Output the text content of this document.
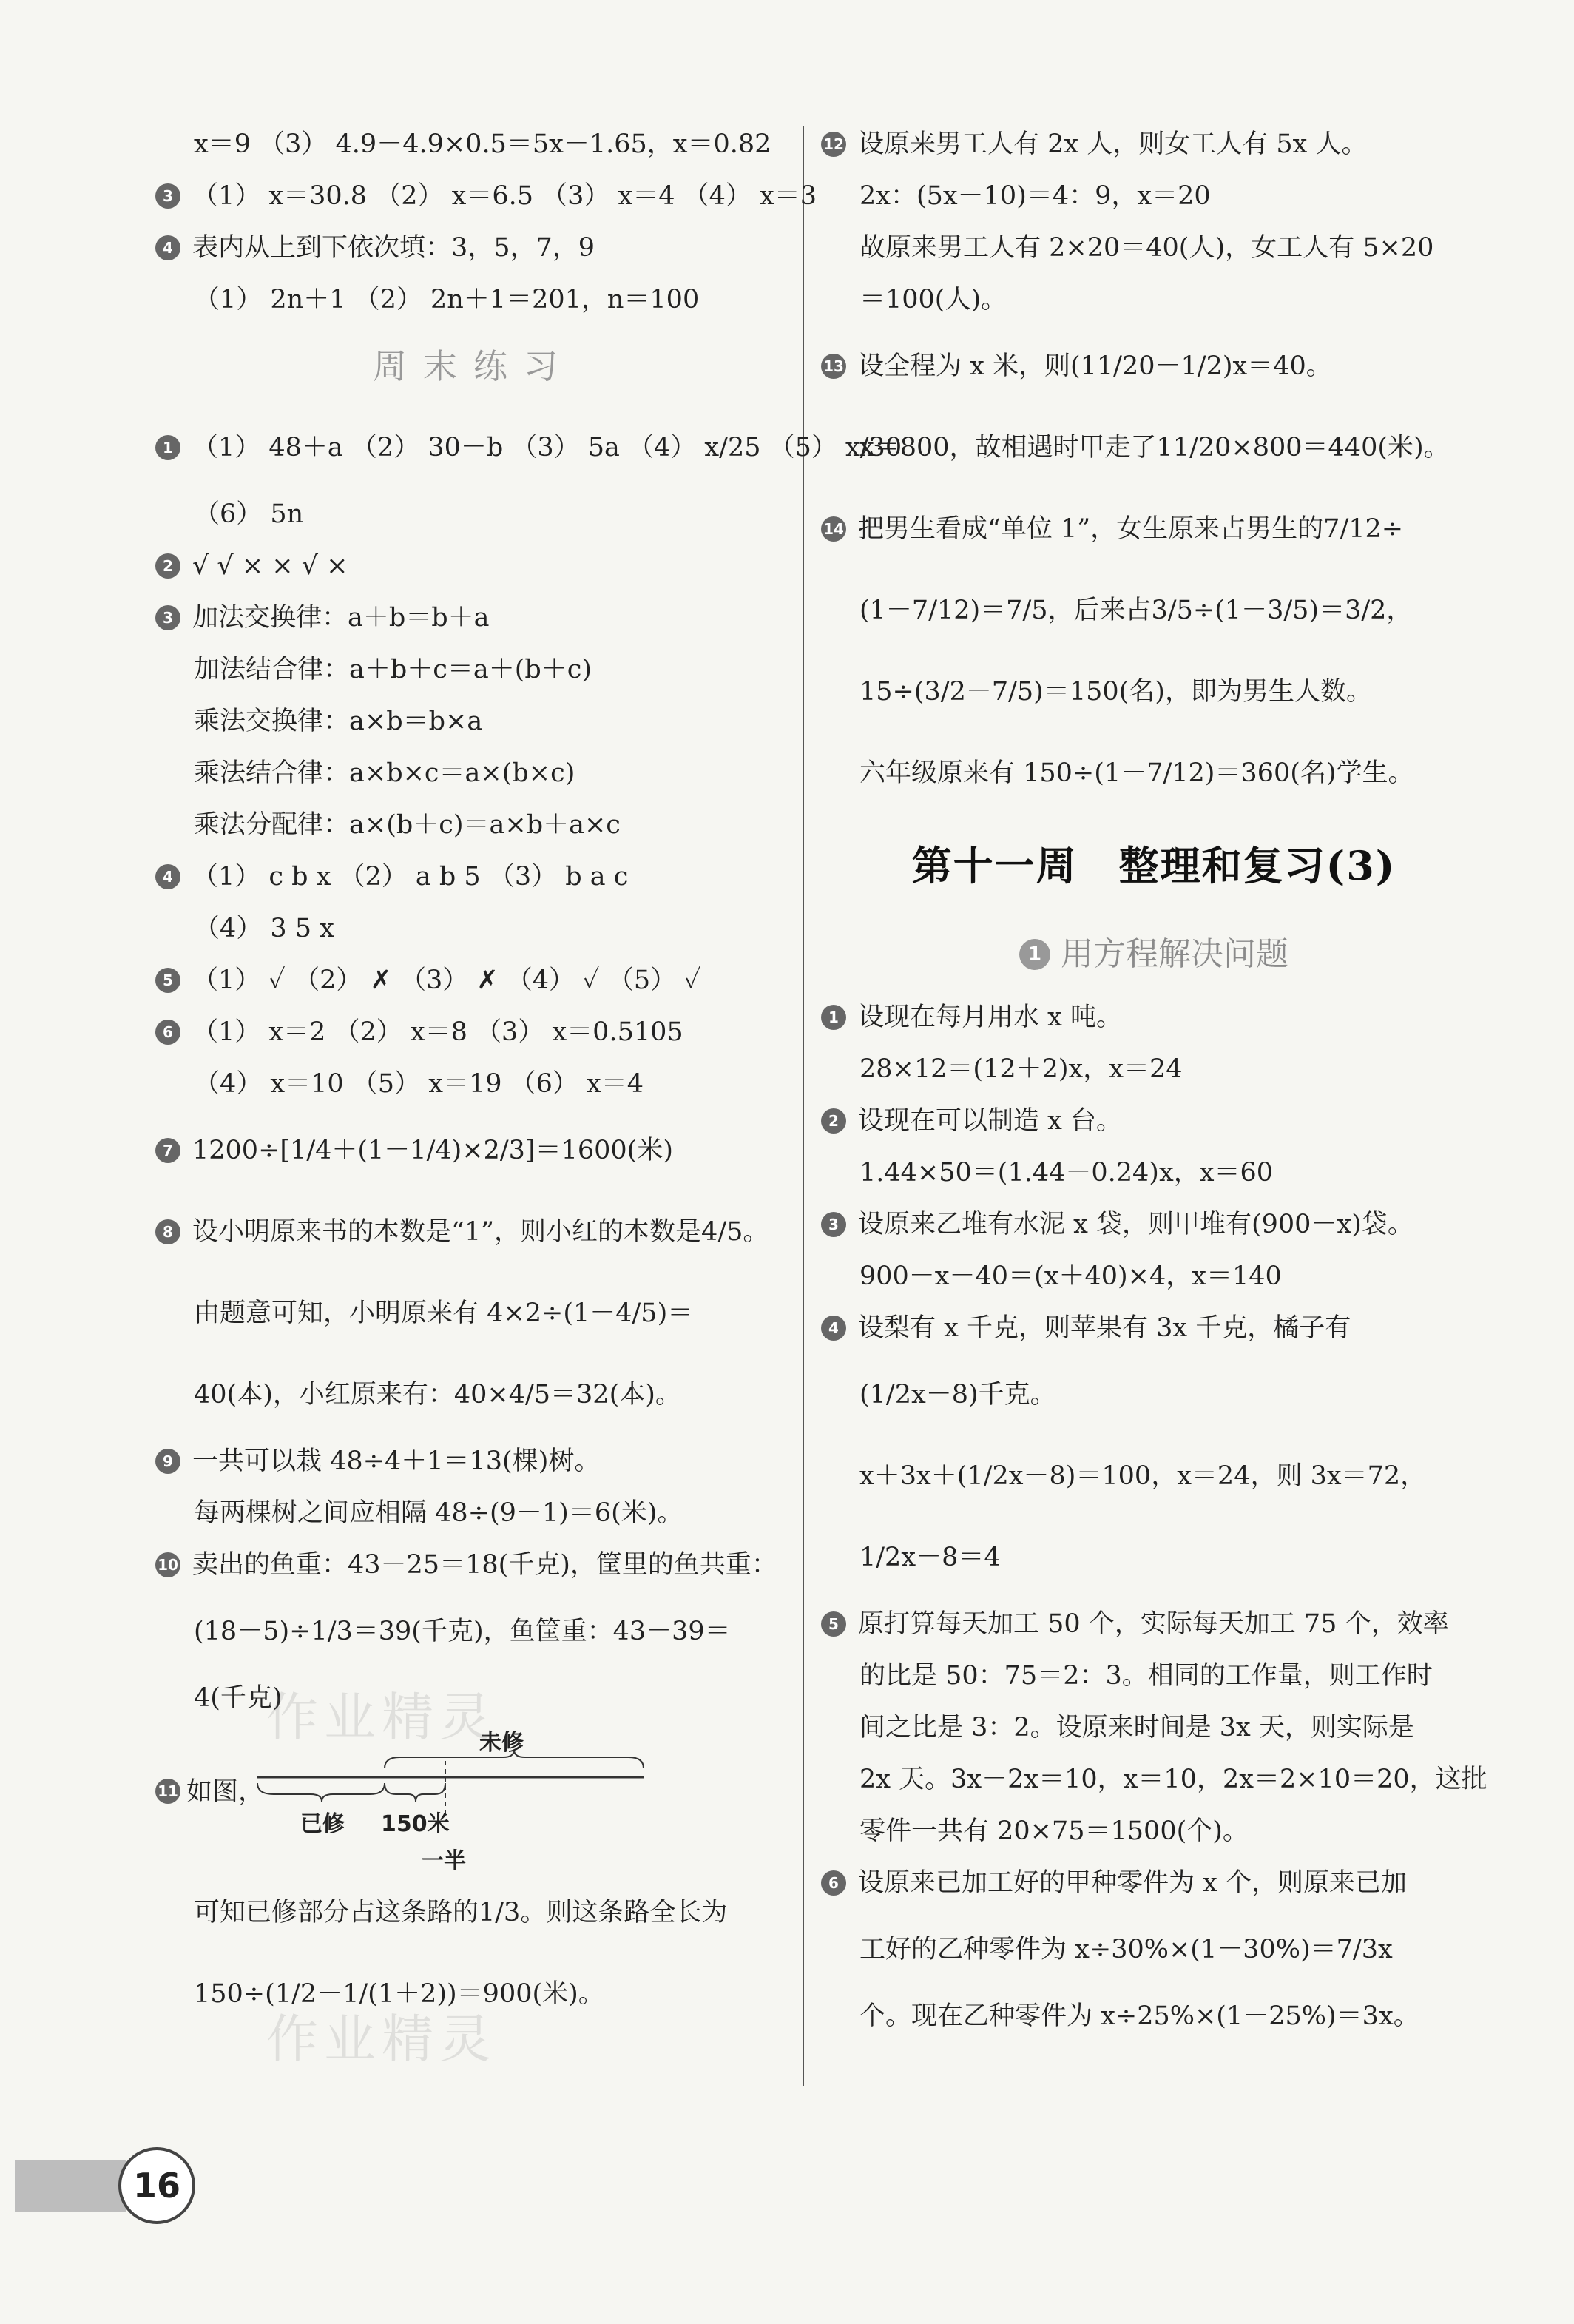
x＝9 （3） 4.9－4.9×0.5＝5x－1.65，x＝0.82
3 （1） x＝30.8 （2） x＝6.5 （3） x＝4 （4） x＝3
4 表内从上到下依次填：3，5，7，9
（1） 2n＋1 （2） 2n＋1＝201，n＝100
周末练习
1 （1） 48＋a （2） 30－b （3） 5a （4） x/25 （5） x/30
（6） 5n
2 √ √ × × √ ×
3 加法交换律：a＋b＝b＋a
加法结合律：a＋b＋c＝a＋(b＋c)
乘法交换律：a×b＝b×a
乘法结合律：a×b×c＝a×(b×c)
乘法分配律：a×(b＋c)＝a×b＋a×c
4 （1） c b x （2） a b 5 （3） b a c
（4） 3 5 x
5 （1） ✓ （2） ✗ （3） ✗ （4） ✓ （5） ✓
6 （1） x＝2 （2） x＝8 （3） x＝0.5105
（4） x＝10 （5） x＝19 （6） x＝4
7 1200÷[1/4＋(1－1/4)×2/3]＝1600(米)
8 设小明原来书的本数是“1”，则小红的本数是4/5。
由题意可知，小明原来有 4×2÷(1－4/5)＝
40(本)，小红原来有：40×4/5＝32(本)。
9 一共可以栽 48÷4＋1＝13(棵)树。
每两棵树之间应相隔 48÷(9－1)＝6(米)。
10 卖出的鱼重：43－25＝18(千克)，筐里的鱼共重：
(18－5)÷1/3＝39(千克)，鱼筐重：43－39＝
4(千克)
11 如图，
未修
已修 150米
一半
可知已修部分占这条路的1/3。则这条路全长为
150÷(1/2－1/(1＋2))＝900(米)。
12 设原来男工人有 2x 人，则女工人有 5x 人。
2x：(5x－10)＝4：9，x＝20
故原来男工人有 2×20＝40(人)，女工人有 5×20
＝100(人)。
13 设全程为 x 米，则(11/20－1/2)x＝40。
x＝800，故相遇时甲走了11/20×800＝440(米)。
14 把男生看成“单位 1”，女生原来占男生的7/12÷
(1－7/12)＝7/5，后来占3/5÷(1－3/5)＝3/2，
15÷(3/2－7/5)＝150(名)，即为男生人数。
六年级原来有 150÷(1－7/12)＝360(名)学生。
第十一周　整理和复习(3)
1 用方程解决问题
1 设现在每月用水 x 吨。
28×12＝(12＋2)x，x＝24
2 设现在可以制造 x 台。
1.44×50＝(1.44－0.24)x，x＝60
3 设原来乙堆有水泥 x 袋，则甲堆有(900－x)袋。
900－x－40＝(x＋40)×4，x＝140
4 设梨有 x 千克，则苹果有 3x 千克，橘子有
(1/2x－8)千克。
x＋3x＋(1/2x－8)＝100，x＝24，则 3x＝72，
1/2x－8＝4
5 原打算每天加工 50 个，实际每天加工 75 个，效率
的比是 50：75＝2：3。相同的工作量，则工作时
间之比是 3：2。设原来时间是 3x 天，则实际是
2x 天。3x－2x＝10，x＝10，2x＝2×10＝20，这批
零件一共有 20×75＝1500(个)。
6 设原来已加工好的甲种零件为 x 个，则原来已加
工好的乙种零件为 x÷30%×(1－30%)＝7/3x
个。现在乙种零件为 x÷25%×(1－25%)＝3x。
作业精灵
作业精灵
16
